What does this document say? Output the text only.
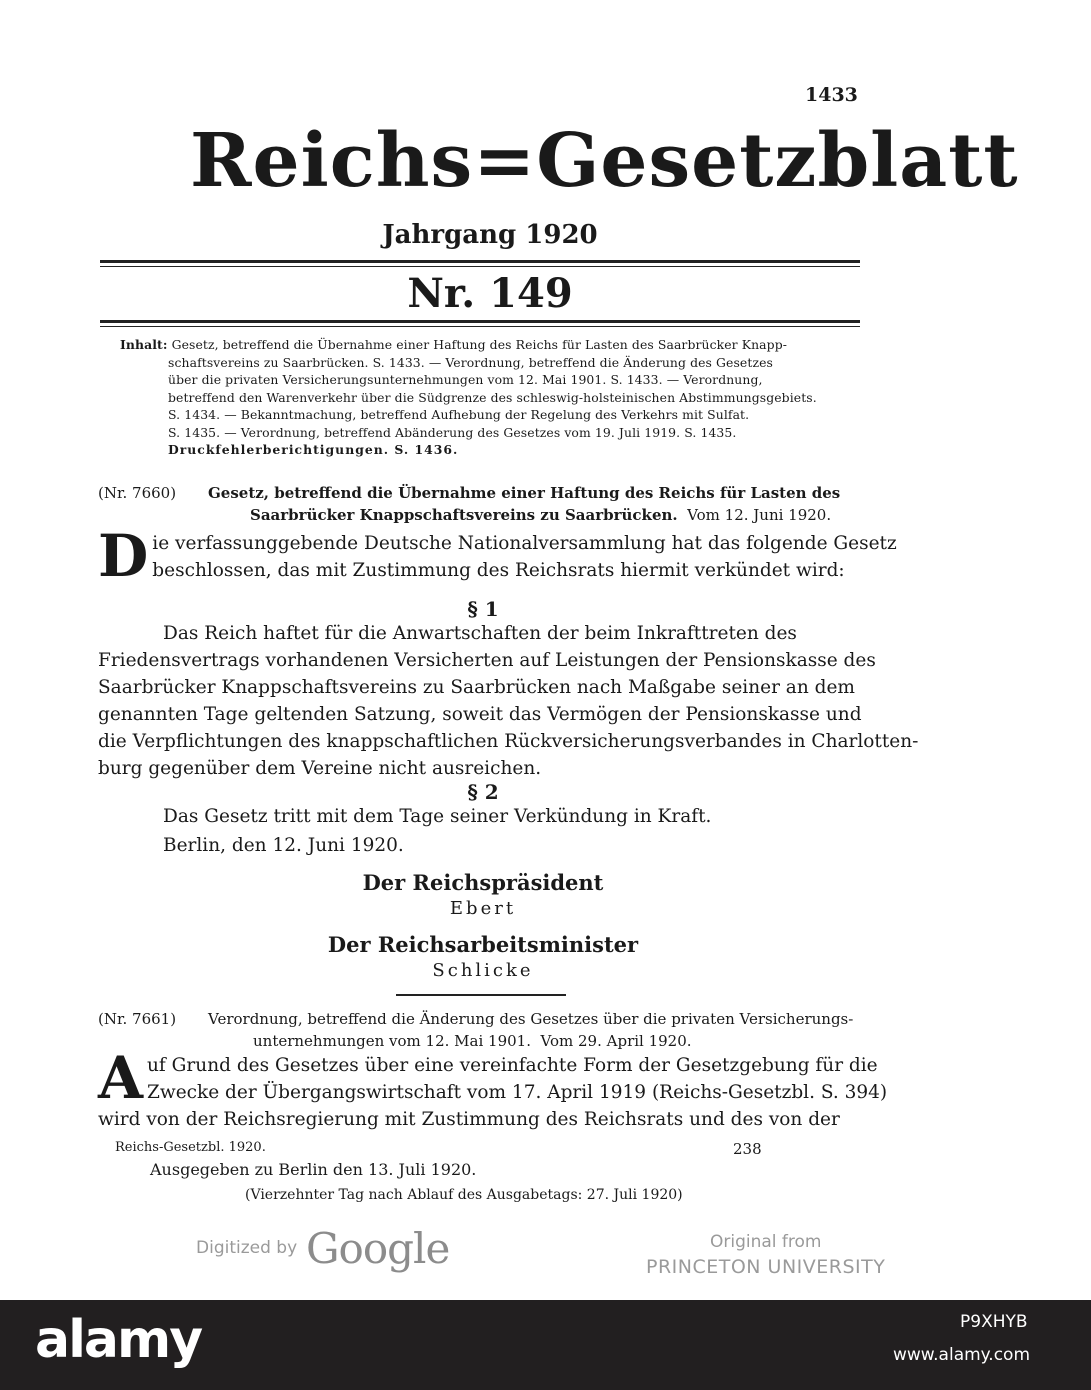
1433
Reichs=Gesetzblatt
Jahrgang 1920
Nr. 149
Inhalt: Gesetz, betreffend die Übernahme einer Haftung des Reichs für Lasten des Saarbrücker Knapp-
schaftsvereins zu Saarbrücken. S. 1433. — Verordnung, betreffend die Änderung des Gesetzes
über die privaten Versicherungsunternehmungen vom 12. Mai 1901. S. 1433. — Verordnung,
betreffend den Warenverkehr über die Südgrenze des schleswig-holsteinischen Abstimmungsgebiets.
S. 1434. — Bekanntmachung, betreffend Aufhebung der Regelung des Verkehrs mit Sulfat.
S. 1435. — Verordnung, betreffend Abänderung des Gesetzes vom 19. Juli 1919. S. 1435.
Druckfehlerberichtigungen. S. 1436.
(Nr. 7660) Gesetz, betreffend die Übernahme einer Haftung des Reichs für Lasten des
Saarbrücker Knappschaftsvereins zu Saarbrücken. Vom 12. Juni 1920.
D ie verfassunggebende Deutsche Nationalversammlung hat das folgende Gesetz
beschlossen, das mit Zustimmung des Reichsrats hiermit verkündet wird:
§ 1
Das Reich haftet für die Anwartschaften der beim Inkrafttreten des
Friedensvertrags vorhandenen Versicherten auf Leistungen der Pensionskasse des
Saarbrücker Knappschaftsvereins zu Saarbrücken nach Maßgabe seiner an dem
genannten Tage geltenden Satzung, soweit das Vermögen der Pensionskasse und
die Verpflichtungen des knappschaftlichen Rückversicherungsverbandes in Charlotten-
burg gegenüber dem Vereine nicht ausreichen.
§ 2
Das Gesetz tritt mit dem Tage seiner Verkündung in Kraft.
Berlin, den 12. Juni 1920.
Der Reichspräsident
Ebert
Der Reichsarbeitsminister
Schlicke
(Nr. 7661) Verordnung, betreffend die Änderung des Gesetzes über die privaten Versicherungs-
unternehmungen vom 12. Mai 1901. Vom 29. April 1920.
A uf Grund des Gesetzes über eine vereinfachte Form der Gesetzgebung für die
Zwecke der Übergangswirtschaft vom 17. April 1919 (Reichs-Gesetzbl. S. 394)
wird von der Reichsregierung mit Zustimmung des Reichsrats und des von der
Reichs-Gesetzbl. 1920.	238
Ausgegeben zu Berlin den 13. Juli 1920.
(Vierzehnter Tag nach Ablauf des Ausgabetags: 27. Juli 1920)
Digitized by Google	Original from
PRINCETON UNIVERSITY
alamy	P9XHYB
www.alamy.com
